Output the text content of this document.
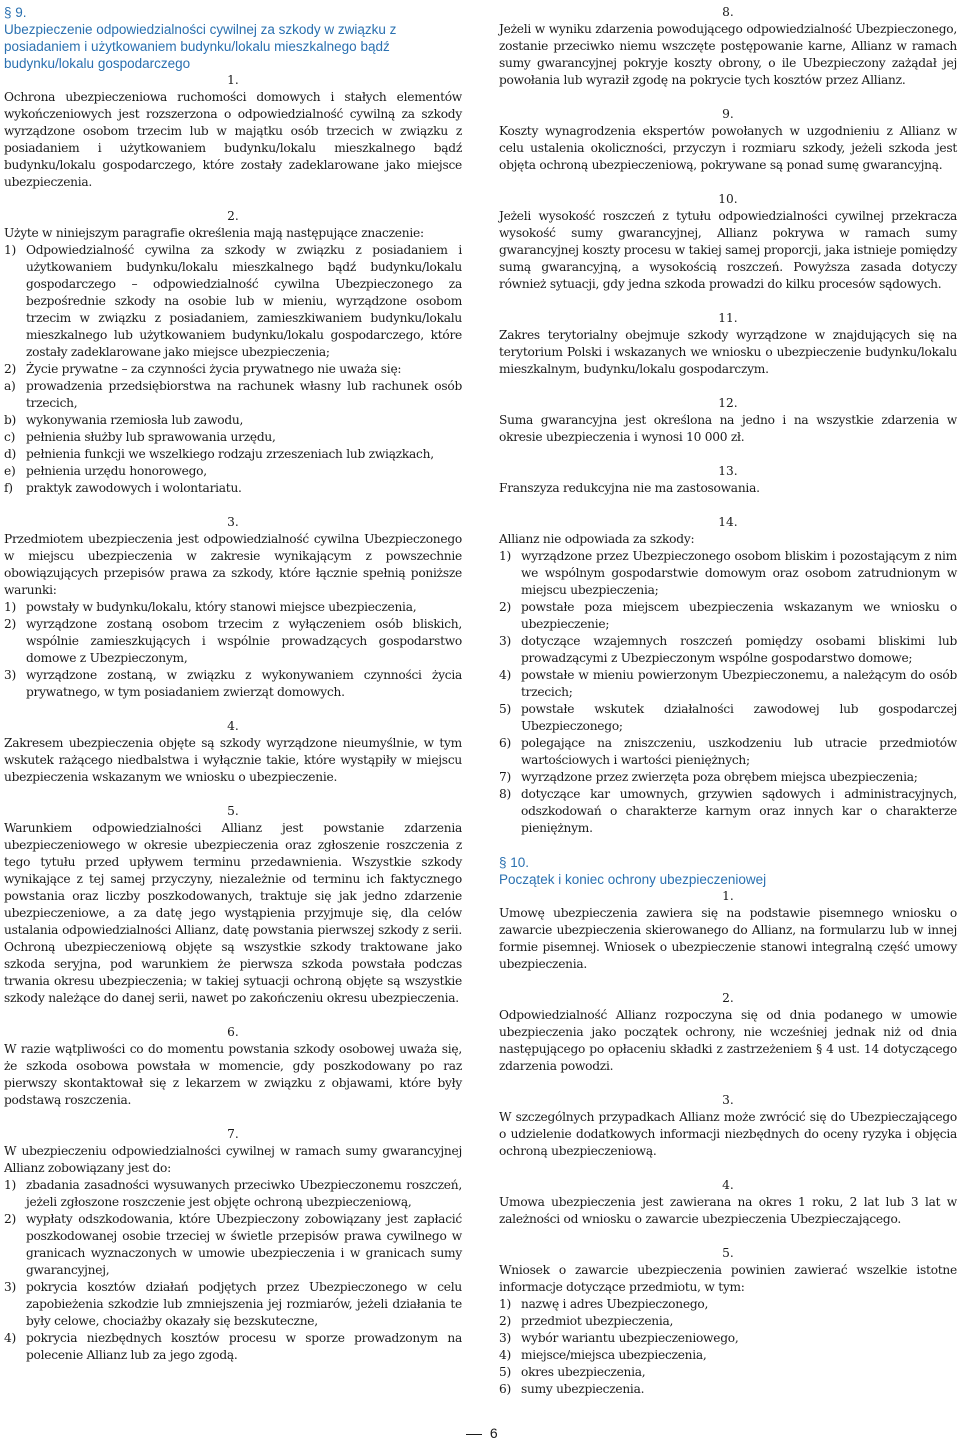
§ 9.
Ubezpieczenie odpowiedzialności cywilnej za szkody w związku z posiadaniem i użytkowaniem budynku/lokalu mieszkalnego bądź budynku/lokalu gospodarczego
1.
Ochrona ubezpieczeniowa ruchomości domowych i stałych elementów wykończeniowych jest rozszerzona o odpowiedzialność cywilną za szkody wyrządzone osobom trzecim lub w majątku osób trzecich w związku z posiadaniem i użytkowaniem budynku/lokalu mieszkalnego bądź budynku/lokalu gospodarczego, które zostały zadeklarowane jako miejsce ubezpieczenia.
2.
Użyte w niniejszym paragrafie określenia mają następujące znaczenie:
1) Odpowiedzialność cywilna za szkody w związku z posiadaniem i użytkowaniem budynku/lokalu mieszkalnego bądź budynku/lokalu gospodarczego – odpowiedzialność cywilna Ubezpieczonego za bezpośrednie szkody na osobie lub w mieniu, wyrządzone osobom trzecim w związku z posiadaniem, zamieszkiwaniem budynku/lokalu mieszkalnego lub użytkowaniem budynku/lokalu gospodarczego, które zostały zadeklarowane jako miejsce ubezpieczenia;
2) Życie prywatne – za czynności życia prywatnego nie uważa się:
a) prowadzenia przedsiębiorstwa na rachunek własny lub rachunek osób trzecich,
b) wykonywania rzemiosła lub zawodu,
c) pełnienia służby lub sprawowania urzędu,
d) pełnienia funkcji we wszelkiego rodzaju zrzeszeniach lub związkach,
e) pełnienia urzędu honorowego,
f)	praktyk zawodowych i wolontariatu.
3.
Przedmiotem ubezpieczenia jest odpowiedzialność cywilna Ubezpieczonego w miejscu ubezpieczenia w zakresie wynikającym z powszechnie obowiązujących przepisów prawa za szkody, które łącznie spełnią poniższe warunki:
1) powstały w budynku/lokalu, który stanowi miejsce ubezpieczenia,
2) wyrządzone zostaną osobom trzecim z wyłączeniem osób bliskich, wspólnie zamieszkujących i wspólnie prowadzących gospodarstwo domowe z Ubezpieczonym,
3) wyrządzone zostaną, w związku z wykonywaniem czynności życia prywatnego, w tym posiadaniem zwierząt domowych.
4.
Zakresem ubezpieczenia objęte są szkody wyrządzone nieumyślnie, w tym wskutek rażącego niedbalstwa i wyłącznie takie, które wystąpiły w miejscu ubezpieczenia wskazanym we wniosku o ubezpieczenie.
5.
Warunkiem odpowiedzialności Allianz jest powstanie zdarzenia ubezpieczeniowego w okresie ubezpieczenia oraz zgłoszenie roszczenia z tego tytułu przed upływem terminu przedawnienia. Wszystkie szkody wynikające z tej samej przyczyny, niezależnie od terminu ich faktycznego powstania oraz liczby poszkodowanych, traktuje się jak jedno zdarzenie ubezpieczeniowe, a za datę jego wystąpienia przyjmuje się, dla celów ustalania odpowiedzialności Allianz, datę powstania pierwszej szkody z serii. Ochroną ubezpieczeniową objęte są wszystkie szkody traktowane jako szkoda seryjna, pod warunkiem że pierwsza szkoda powstała podczas trwania okresu ubezpieczenia; w takiej sytuacji ochroną objęte są wszystkie szkody należące do danej serii, nawet po zakończeniu okresu ubezpieczenia.
6.
W razie wątpliwości co do momentu powstania szkody osobowej uważa się, że szkoda osobowa powstała w momencie, gdy poszkodowany po raz pierwszy skontaktował się z lekarzem w związku z objawami, które były podstawą roszczenia.
7.
W ubezpieczeniu odpowiedzialności cywilnej w ramach sumy gwarancyjnej Allianz zobowiązany jest do:
1) zbadania zasadności wysuwanych przeciwko Ubezpieczonemu roszczeń, jeżeli zgłoszone roszczenie jest objęte ochroną ubezpieczeniową,
2) wypłaty odszkodowania, które Ubezpieczony zobowiązany jest zapłacić poszkodowanej osobie trzeciej w świetle przepisów prawa cywilnego w granicach wyznaczonych w umowie ubezpieczenia i w granicach sumy gwarancyjnej,
3) pokrycia kosztów działań podjętych przez Ubezpieczonego w celu zapobieżenia szkodzie lub zmniejszenia jej rozmiarów, jeżeli działania te były celowe, chociażby okazały się bezskuteczne,
4) pokrycia niezbędnych kosztów procesu w sporze prowadzonym na polecenie Allianz lub za jego zgodą.
8.
Jeżeli w wyniku zdarzenia powodującego odpowiedzialność Ubezpieczonego, zostanie przeciwko niemu wszczęte postępowanie karne, Allianz w ramach sumy gwarancyjnej pokryje koszty obrony, o ile Ubezpieczony zażądał jej powołania lub wyraził zgodę na pokrycie tych kosztów przez Allianz.
9.
Koszty wynagrodzenia ekspertów powołanych w uzgodnieniu z Allianz w celu ustalenia okoliczności, przyczyn i rozmiaru szkody, jeżeli szkoda jest objęta ochroną ubezpieczeniową, pokrywane są ponad sumę gwarancyjną.
10.
Jeżeli wysokość roszczeń z tytułu odpowiedzialności cywilnej przekracza wysokość sumy gwarancyjnej, Allianz pokrywa w ramach sumy gwarancyjnej koszty procesu w takiej samej proporcji, jaka istnieje pomiędzy sumą gwarancyjną, a wysokością roszczeń. Powyższa zasada dotyczy również sytuacji, gdy jedna szkoda prowadzi do kilku procesów sądowych.
11.
Zakres terytorialny obejmuje szkody wyrządzone w znajdujących się na terytorium Polski i wskazanych we wniosku o ubezpieczenie budynku/lokalu mieszkalnym, budynku/lokalu gospodarczym.
12.
Suma gwarancyjna jest określona na jedno i na wszystkie zdarzenia w okresie ubezpieczenia i wynosi 10 000 zł.
13.
Franszyza redukcyjna nie ma zastosowania.
14.
Allianz nie odpowiada za szkody:
1) wyrządzone przez Ubezpieczonego osobom bliskim i pozostającym z nim we wspólnym gospodarstwie domowym oraz osobom zatrudnionym w miejscu ubezpieczenia;
2) powstałe poza miejscem ubezpieczenia wskazanym we wniosku o ubezpieczenie;
3) dotyczące wzajemnych roszczeń pomiędzy osobami bliskimi lub prowadzącymi z Ubezpieczonym wspólne gospodarstwo domowe;
4) powstałe w mieniu powierzonym Ubezpieczonemu, a należącym do osób trzecich;
5) powstałe wskutek działalności zawodowej lub gospodarczej Ubezpieczonego;
6) polegające na zniszczeniu, uszkodzeniu lub utracie przedmiotów wartościowych i wartości pieniężnych;
7) wyrządzone przez zwierzęta poza obrębem miejsca ubezpieczenia;
8) dotyczące kar umownych, grzywien sądowych i administracyjnych, odszkodowań o charakterze karnym oraz innych kar o charakterze pieniężnym.
§ 10.
Początek i koniec ochrony ubezpieczeniowej
1.
Umowę ubezpieczenia zawiera się na podstawie pisemnego wniosku o zawarcie ubezpieczenia skierowanego do Allianz, na formularzu lub w innej formie pisemnej. Wniosek o ubezpieczenie stanowi integralną część umowy ubezpieczenia.
2.
Odpowiedzialność Allianz rozpoczyna się od dnia podanego w umowie ubezpieczenia jako początek ochrony, nie wcześniej jednak niż od dnia następującego po opłaceniu składki z zastrzeżeniem § 4 ust. 14 dotyczącego zdarzenia powodzi.
3.
W szczególnych przypadkach Allianz może zwrócić się do Ubezpieczającego o udzielenie dodatkowych informacji niezbędnych do oceny ryzyka i objęcia ochroną ubezpieczeniową.
4.
Umowa ubezpieczenia jest zawierana na okres 1 roku, 2 lat lub 3 lat w zależności od wniosku o zawarcie ubezpieczenia Ubezpieczającego.
5.
Wniosek o zawarcie ubezpieczenia powinien zawierać wszelkie istotne informacje dotyczące przedmiotu, w tym:
1) nazwę i adres Ubezpieczonego,
2) przedmiot ubezpieczenia,
3) wybór wariantu ubezpieczeniowego,
4) miejsce/miejsca ubezpieczenia,
5) okres ubezpieczenia,
6) sumy ubezpieczenia.
6
